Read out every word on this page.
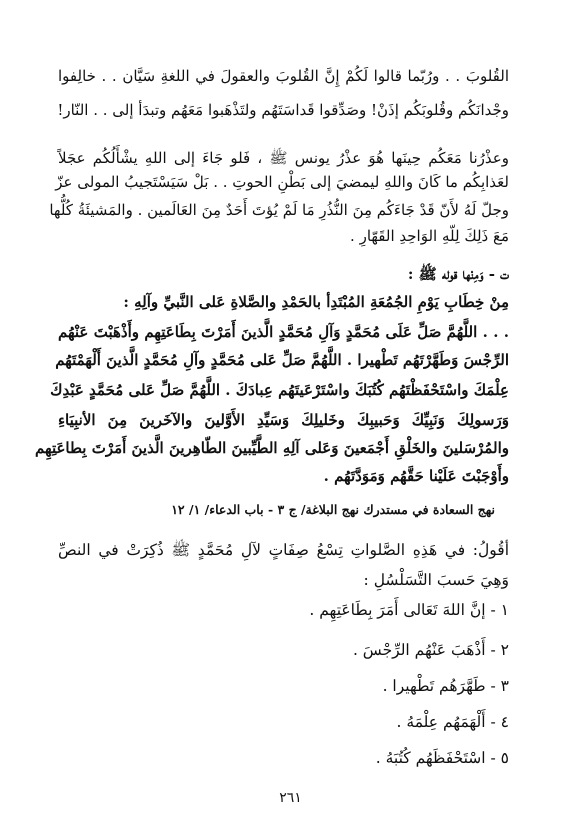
القُلوبَ . . ورُبّما قالوا لَكُمْ إِنَّ القُلوبَ والعقولَ في اللغةِ سَيَّان . . خالِفوا
وجْدانَكُم وقُلوبَكُم إذَنْ! وصَدِّقوا قَداسَتَهُم ولتَذْهَبوا مَعَهُم وتبدَأ إلى . . النّار!
وعذْرُنا مَعَكُم حِينَها هُوَ عذْرُ يونس ﷺ ، فَلو جَاءَ إلى اللهِ يشْأَلُكُم عجَلاً
لعَذابِكُم ما كَانَ واللهِ ليمضيَ إلى بَطْنِ الحوتِ . . بَلْ سَيَسْتَجيبُ المولى عزّ
وجلّ لَهُ لأَنّ قَدْ جَاءَكُم مِنَ النُّذُرِ مَا لَمْ يُؤتَ أَحَدٌ مِنَ العَالَمين . والمَشيئَةُ كُلُّها
مَعَ ذَلِكَ لِلّهِ الوَاحِدِ القَهّارِ .
ت - وَمِنْها قوله ﷺ :
مِنْ خِطَابِ يَوْمِ الجُمُعَةِ المُبْتَدِأ بالحَمْدِ والصَّلاةِ عَلى النَّبيِّ وآلِهِ :
. . . اللَّهُمَّ صَلِّ عَلَى مُحَمَّدٍ وَآلِ مُحَمَّدٍ الَّذينَ أَمَرْتَ بِطَاعَتِهِم وأَذْهَبْتَ عَنْهُم
الرِّجْسَ وَطَهَّرْتَهُم تَطْهيرا . اللَّهُمَّ صَلِّ عَلى مُحَمَّدٍ وآلِ مُحَمَّدٍ الَّذينَ أَلْهَمْتَهُم
عِلْمَكَ واسْتَحْفَظْتَهُم كُتُبَكَ واسْتَرْعَيتَهُم عِبادَكَ . اللَّهُمَّ صَلِّ عَلى مُحَمَّدٍ عَبْدِكَ
وَرَسولِكَ وَنَبِيِّكَ وَحَبيبِكَ وخَليلِكَ وَسَيِّدِ الأَوَّلينَ والآخَرينَ مِنَ الأنبِيَاءِ
والمُرْسَلينَ والخَلْقِ أَجْمَعينَ وَعَلى آلِهِ الطَّيِّبينَ الطّاهِرينَ الَّذينَ أَمَرْتَ بِطاعَتِهِم
وأَوْجَبْتَ عَلَيْنا حَقَّهُم وَمَوَدَّتَهُم .
نهج السعادة في مستدرك نهج البلاغة/ ج ٣ - باب الدعاء/ ١/ ١٢
أقُولُ: في هَذِهِ الصَّلواتِ تِسْعُ صِفَاتٍ لآلِ مُحَمَّدٍ ﷺ ذُكِرَتْ في النصِّ
وَهِيَ حَسبَ التَّسَلْسُلِ :
١ - إنَّ اللهَ تَعَالى أَمَرَ بِطَاعَتِهِم .
٢ - أَذْهَبَ عَنْهُم الرِّجْسَ .
٣ - طَهَّرَهُم تَطْهيرا .
٤ - أَلْهَمَهُم عِلْمَهُ .
٥ - اسْتَحْفَظَهُم كُتُبَهُ .
٢٦١
